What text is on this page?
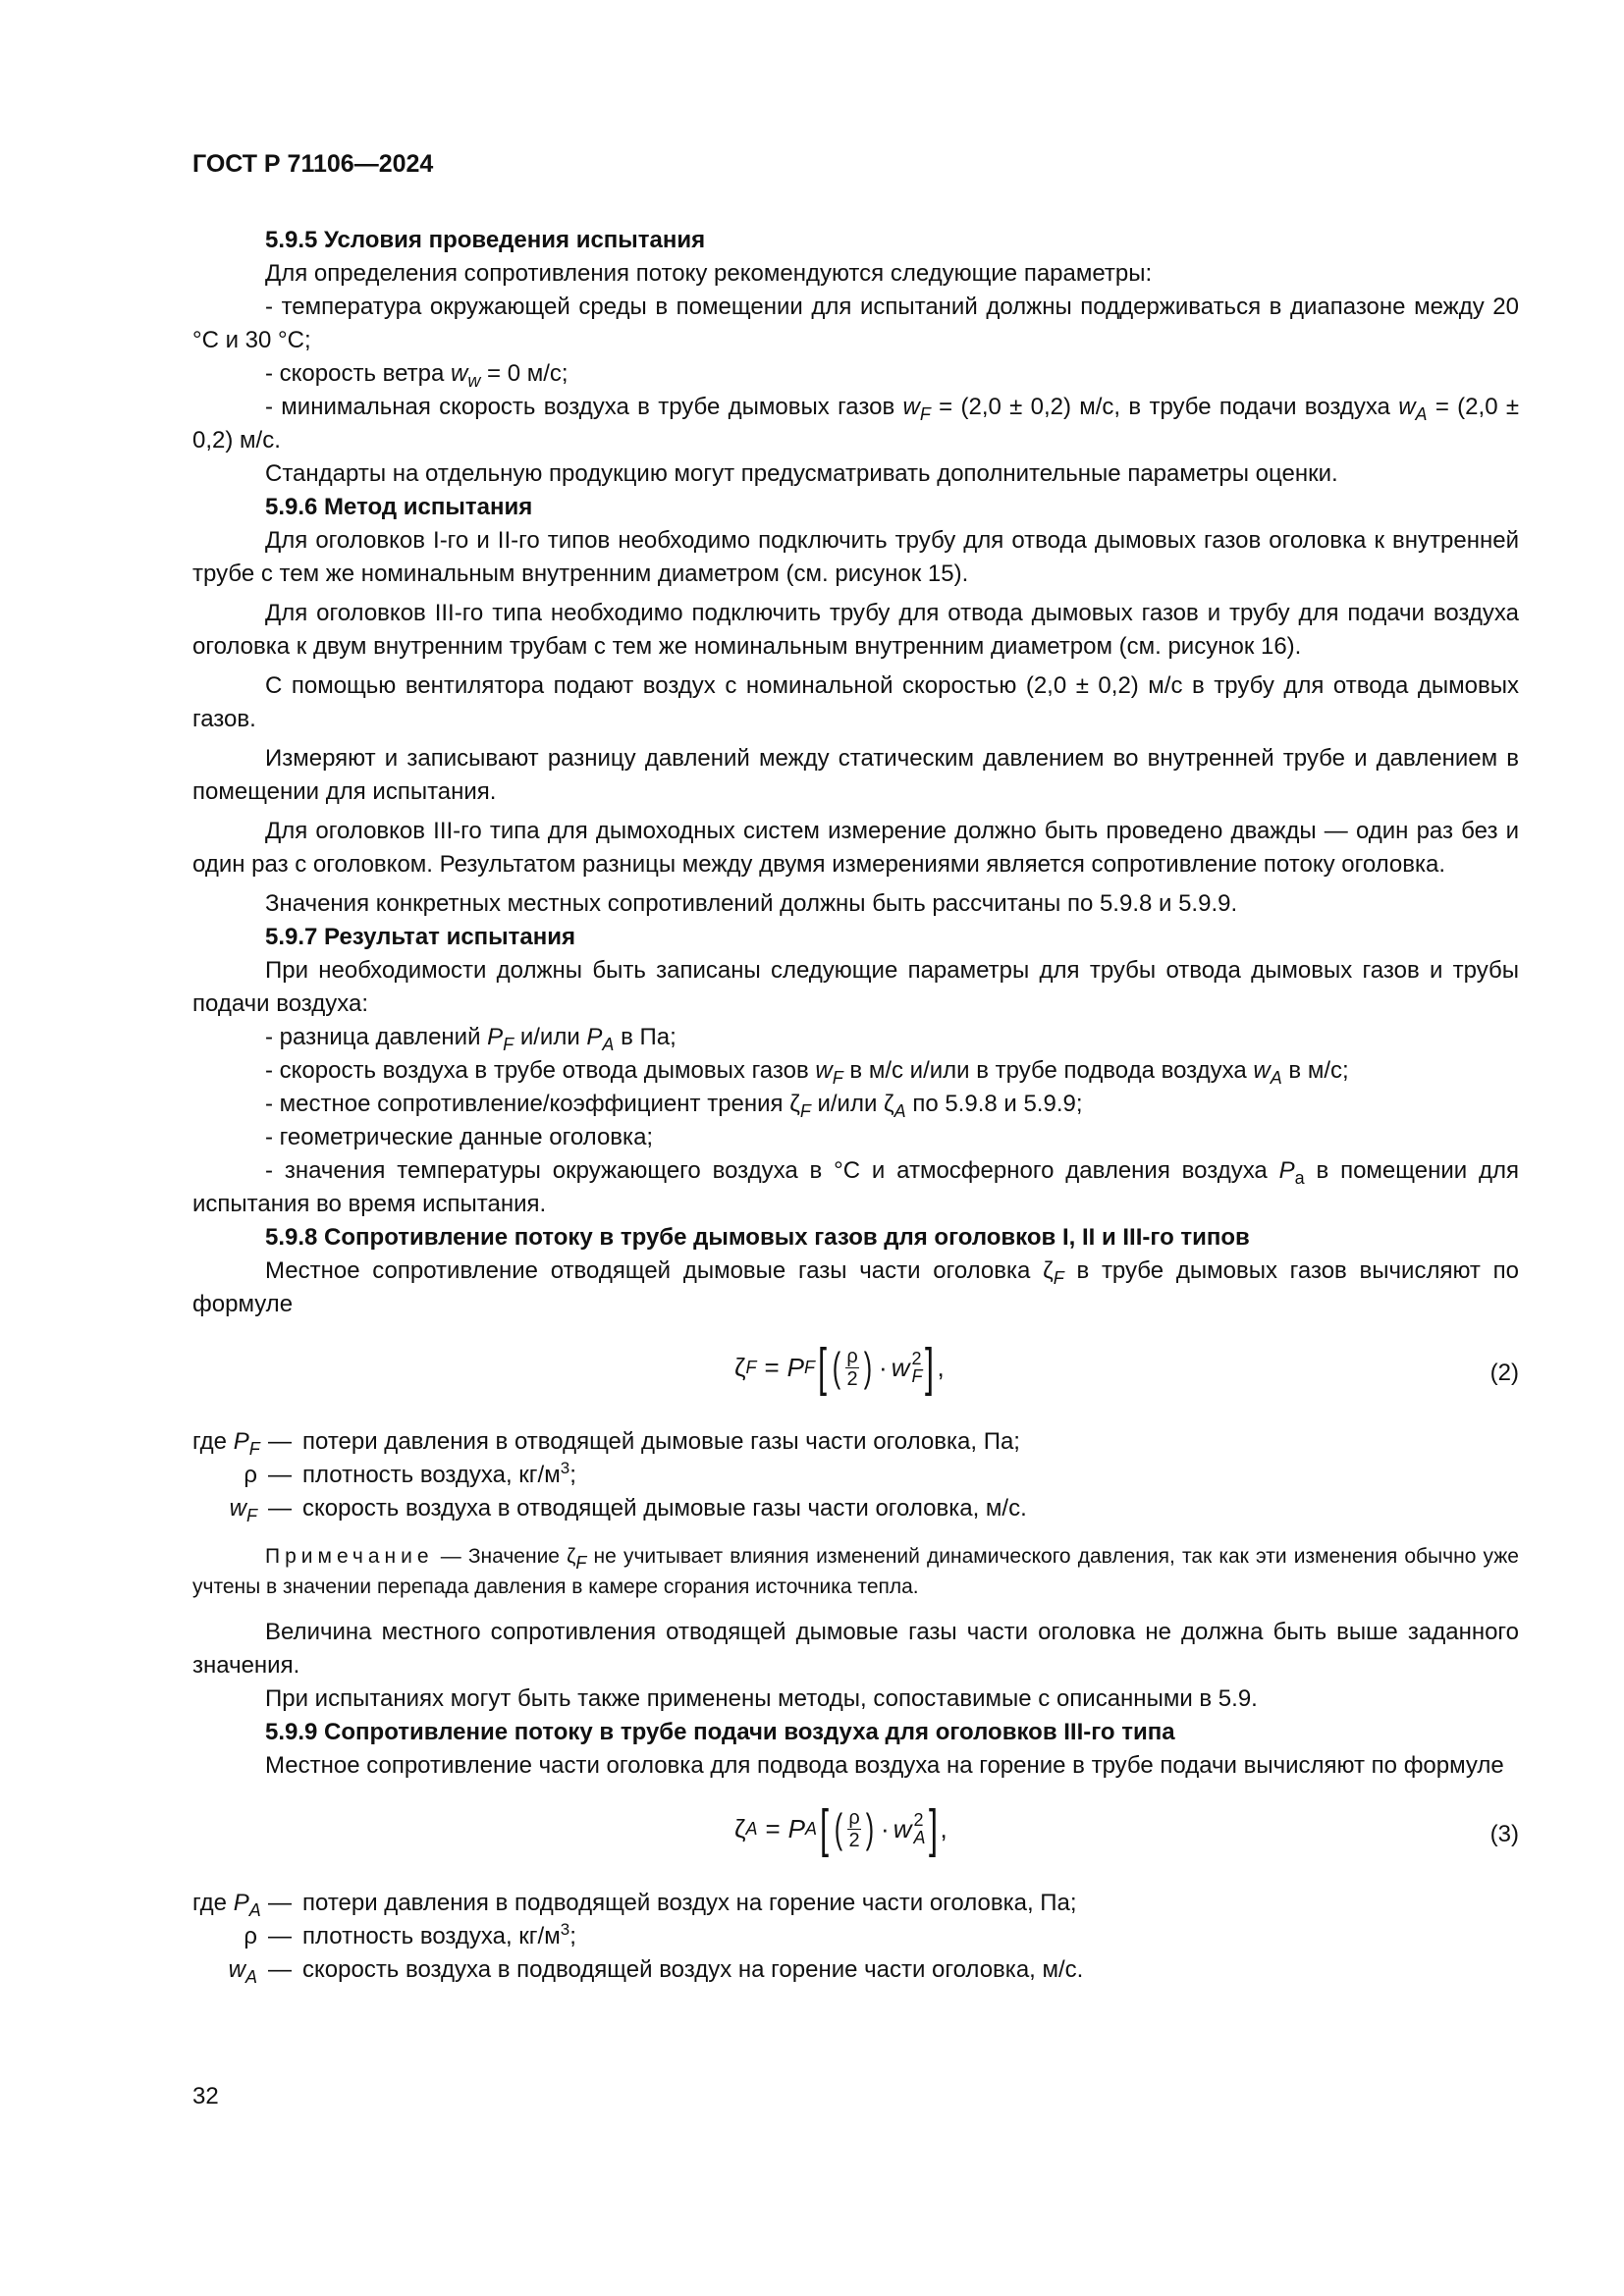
ГОСТ Р 71106—2024

5.9.5 Условия проведения испытания

Для определения сопротивления потоку рекомендуются следующие параметры:

- температура окружающей среды в помещении для испытаний должны поддерживаться в диапазоне между 20 °C и 30 °C;

- скорость ветра $w_w = 0$ м/с;

- минимальная скорость воздуха в трубе дымовых газов $w_F = (2,0 \pm 0,2)$ м/с, в трубе подачи воздуха $w_A = (2,0 \pm 0,2)$ м/с.

Стандарты на отдельную продукцию могут предусматривать дополнительные параметры оценки.

5.9.6 Метод испытания

Для оголовков I-го и II-го типов необходимо подключить трубу для отвода дымовых газов оголовка к внутренней трубе с тем же номинальным внутренним диаметром (см. рисунок 15).

Для оголовков III-го типа необходимо подключить трубу для отвода дымовых газов и трубу для подачи воздуха оголовка к двум внутренним трубам с тем же номинальным внутренним диаметром (см. рисунок 16).

С помощью вентилятора подают воздух с номинальной скоростью (2,0 ± 0,2) м/с в трубу для отвода дымовых газов.

Измеряют и записывают разницу давлений между статическим давлением во внутренней трубе и давлением в помещении для испытания.

Для оголовков III-го типа для дымоходных систем измерение должно быть проведено дважды — один раз без и один раз с оголовком. Результатом разницы между двумя измерениями является сопротивление потоку оголовка.

Значения конкретных местных сопротивлений должны быть рассчитаны по 5.9.8 и 5.9.9.

5.9.7 Результат испытания

При необходимости должны быть записаны следующие параметры для трубы отвода дымовых газов и трубы подачи воздуха:

- разница давлений $P_F$ и/или $P_A$ в Па;

- скорость воздуха в трубе отвода дымовых газов $w_F$ в м/с и/или в трубе подвода воздуха $w_A$ в м/с;

- местное сопротивление/коэффициент трения $\zeta_F$ и/или $\zeta_A$ по 5.9.8 и 5.9.9;

- геометрические данные оголовка;

- значения температуры окружающего воздуха в °C и атмосферного давления воздуха $P_a$ в помещении для испытания во время испытания.

5.9.8 Сопротивление потоку в трубе дымовых газов для оголовков I, II и III-го типов

Местное сопротивление отводящей дымовые газы части оголовка $\zeta_F$ в трубе дымовых газов вычисляют по формуле

ζ F = P F [ ( $\frac{\rho}{2}$ ) · w 2
F ] ,	(2)
где $P_F$ — потери давления в отводящей дымовые газы части оголовка, Па;
ρ — плотность воздуха, $кг/м^3$;
$w_F$ — скорость воздуха в отводящей дымовые газы части оголовка, м/с.

Примечание — Значение $\zeta_F$ не учитывает влияния изменений динамического давления, так как эти изменения обычно уже учтены в значении перепада давления в камере сгорания источника тепла.

Величина местного сопротивления отводящей дымовые газы части оголовка не должна быть выше заданного значения.

При испытаниях могут быть также применены методы, сопоставимые с описанными в 5.9.

5.9.9 Сопротивление потоку в трубе подачи воздуха для оголовков III-го типа

Местное сопротивление части оголовка для подвода воздуха на горение в трубе подачи вычисляют по формуле

ζ A = P A [ ( $\frac{\rho}{2}$ ) · w 2
A ] ,	(3)
где $P_A$ — потери давления в подводящей воздух на горение части оголовка, Па;
ρ — плотность воздуха, $кг/м^3$;
$w_A$ — скорость воздуха в подводящей воздух на горение части оголовка, м/с.
32
